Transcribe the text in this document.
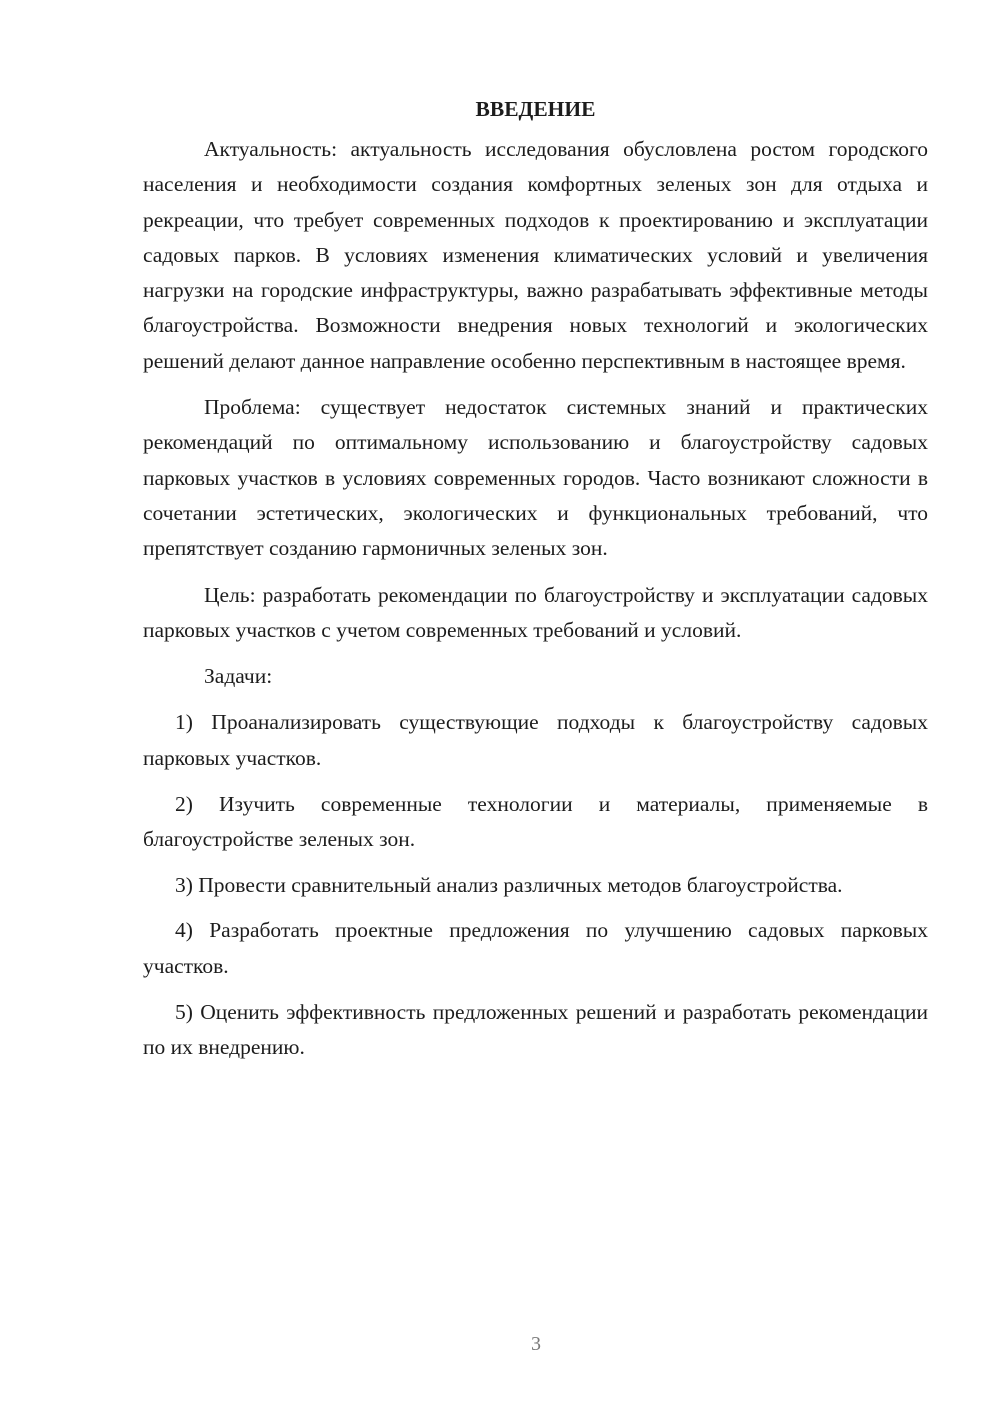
ВВЕДЕНИЕ

Актуальность: актуальность исследования обусловлена ростом городского населения и необходимости создания комфортных зеленых зон для отдыха и рекреации, что требует современных подходов к проектированию и эксплуатации садовых парков. В условиях изменения климатических условий и увеличения нагрузки на городские инфраструктуры, важно разрабатывать эффективные методы благоустройства. Возможности внедрения новых технологий и экологических решений делают данное направление особенно перспективным в настоящее время.

Проблема: существует недостаток системных знаний и практических рекомендаций по оптимальному использованию и благоустройству садовых парковых участков в условиях современных городов. Часто возникают сложности в сочетании эстетических, экологических и функциональных требований, что препятствует созданию гармоничных зеленых зон.

Цель: разработать рекомендации по благоустройству и эксплуатации садовых парковых участков с учетом современных требований и условий.

Задачи:

1) Проанализировать существующие подходы к благоустройству садовых парковых участков.

2) Изучить современные технологии и материалы, применяемые в благоустройстве зеленых зон.

3) Провести сравнительный анализ различных методов благоустройства.

4) Разработать проектные предложения по улучшению садовых парковых участков.

5) Оценить эффективность предложенных решений и разработать рекомендации по их внедрению.

3
